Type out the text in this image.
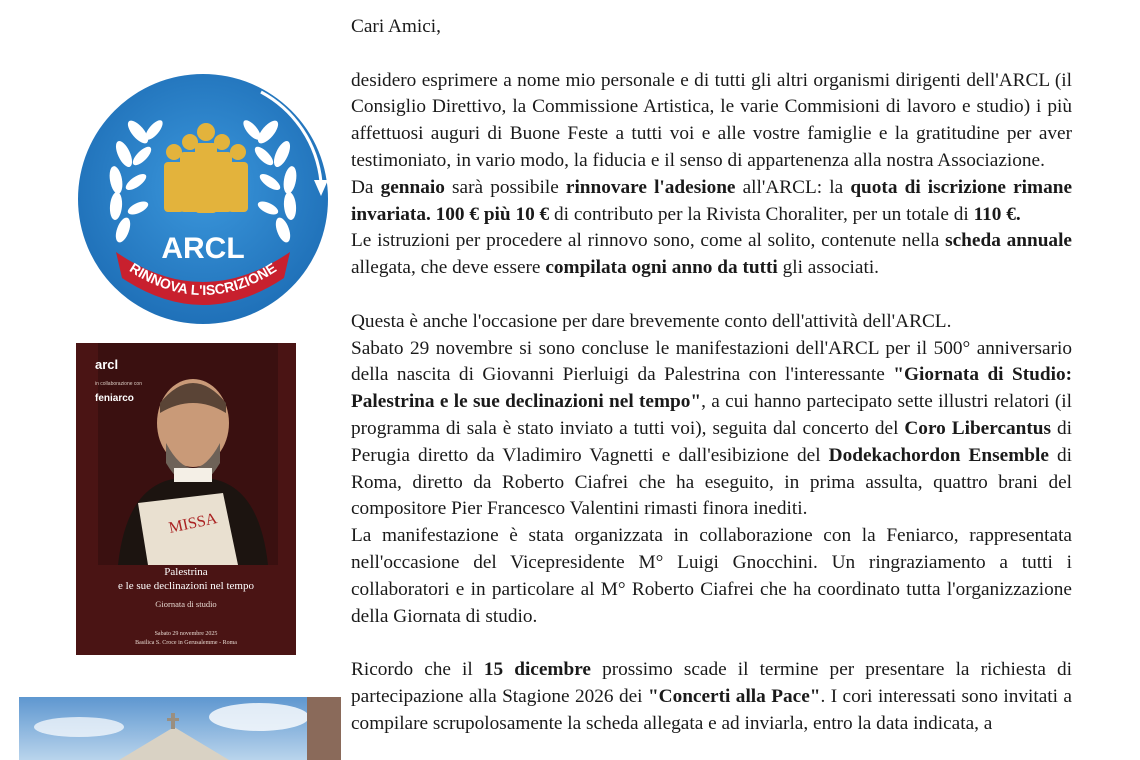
ARCL
RINNOVA L'ISCRIZIONE
MISSA
arcl
in collaborazione con
feniarco
Palestrina
e le sue declinazioni nel tempo
Giornata di studio
Sabato 29 novembre 2025
Basilica S. Croce in Gerusalemme - Roma

Cari Amici,

desidero esprimere a nome mio personale e di tutti gli altri organismi dirigenti dell'ARCL (il Consiglio Direttivo, la Commissione Artistica, le varie Commisioni di lavoro e studio) i più affettuosi auguri di Buone Feste a tutti voi e alle vostre famiglie e la gratitudine per aver testimoniato, in vario modo, la fiducia e il senso di appartenenza alla nostra Associazione.

Da gennaio sarà possibile rinnovare l'adesione all'ARCL: la quota di iscrizione rimane invariata. 100 € più 10 € di contributo per la Rivista Choraliter, per un totale di 110 €.

Le istruzioni per procedere al rinnovo sono, come al solito, contenute nella scheda annuale allegata, che deve essere compilata ogni anno da tutti gli associati.

Questa è anche l'occasione per dare brevemente conto dell'attività dell'ARCL.

Sabato 29 novembre si sono concluse le manifestazioni dell'ARCL per il 500° anniversario della nascita di Giovanni Pierluigi da Palestrina con l'interessante "Giornata di Studio: Palestrina e le sue declinazioni nel tempo", a cui hanno partecipato sette illustri relatori (il programma di sala è stato inviato a tutti voi), seguita dal concerto del Coro Libercantus di Perugia diretto da Vladimiro Vagnetti e dall'esibizione del Dodekachordon Ensemble di Roma, diretto da Roberto Ciafrei che ha eseguito, in prima assulta, quattro brani del compositore Pier Francesco Valentini rimasti finora inediti.

La manifestazione è stata organizzata in collaborazione con la Feniarco, rappresentata nell'occasione del Vicepresidente M° Luigi Gnocchini. Un ringraziamento a tutti i collaboratori e in particolare al M° Roberto Ciafrei che ha coordinato tutta l'organizzazione della Giornata di studio.

Ricordo che il 15 dicembre prossimo scade il termine per presentare la richiesta di partecipazione alla Stagione 2026 dei "Concerti alla Pace". I cori interessati sono invitati a compilare scrupolosamente la scheda allegata e ad inviarla, entro la data indicata, a
